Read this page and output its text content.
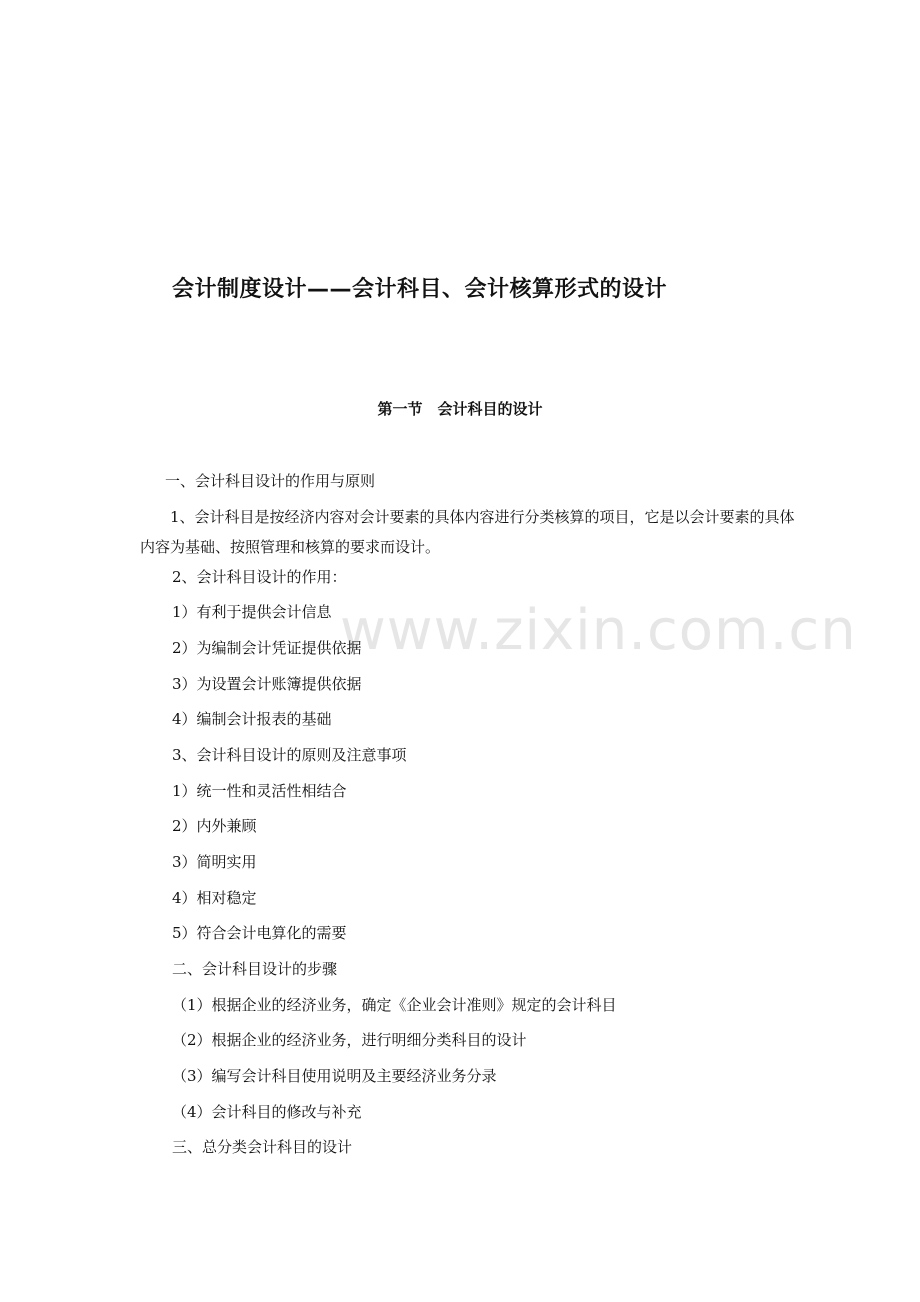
www.zixin.com.cn
会计制度设计——会计科目、会计核算形式的设计
第一节　会计科目的设计
一、会计科目设计的作用与原则
1、会计科目是按经济内容对会计要素的具体内容进行分类核算的项目，它是以会计要素的具体内容为基础、按照管理和核算的要求而设计。
2、会计科目设计的作用：
1）有利于提供会计信息
2）为编制会计凭证提供依据
3）为设置会计账簿提供依据
4）编制会计报表的基础
3、会计科目设计的原则及注意事项
1）统一性和灵活性相结合
2）内外兼顾
3）简明实用
4）相对稳定
5）符合会计电算化的需要
二、会计科目设计的步骤
（1）根据企业的经济业务，确定《企业会计准则》规定的会计科目
（2）根据企业的经济业务，进行明细分类科目的设计
（3）编写会计科目使用说明及主要经济业务分录
（4）会计科目的修改与补充
三、总分类会计科目的设计
